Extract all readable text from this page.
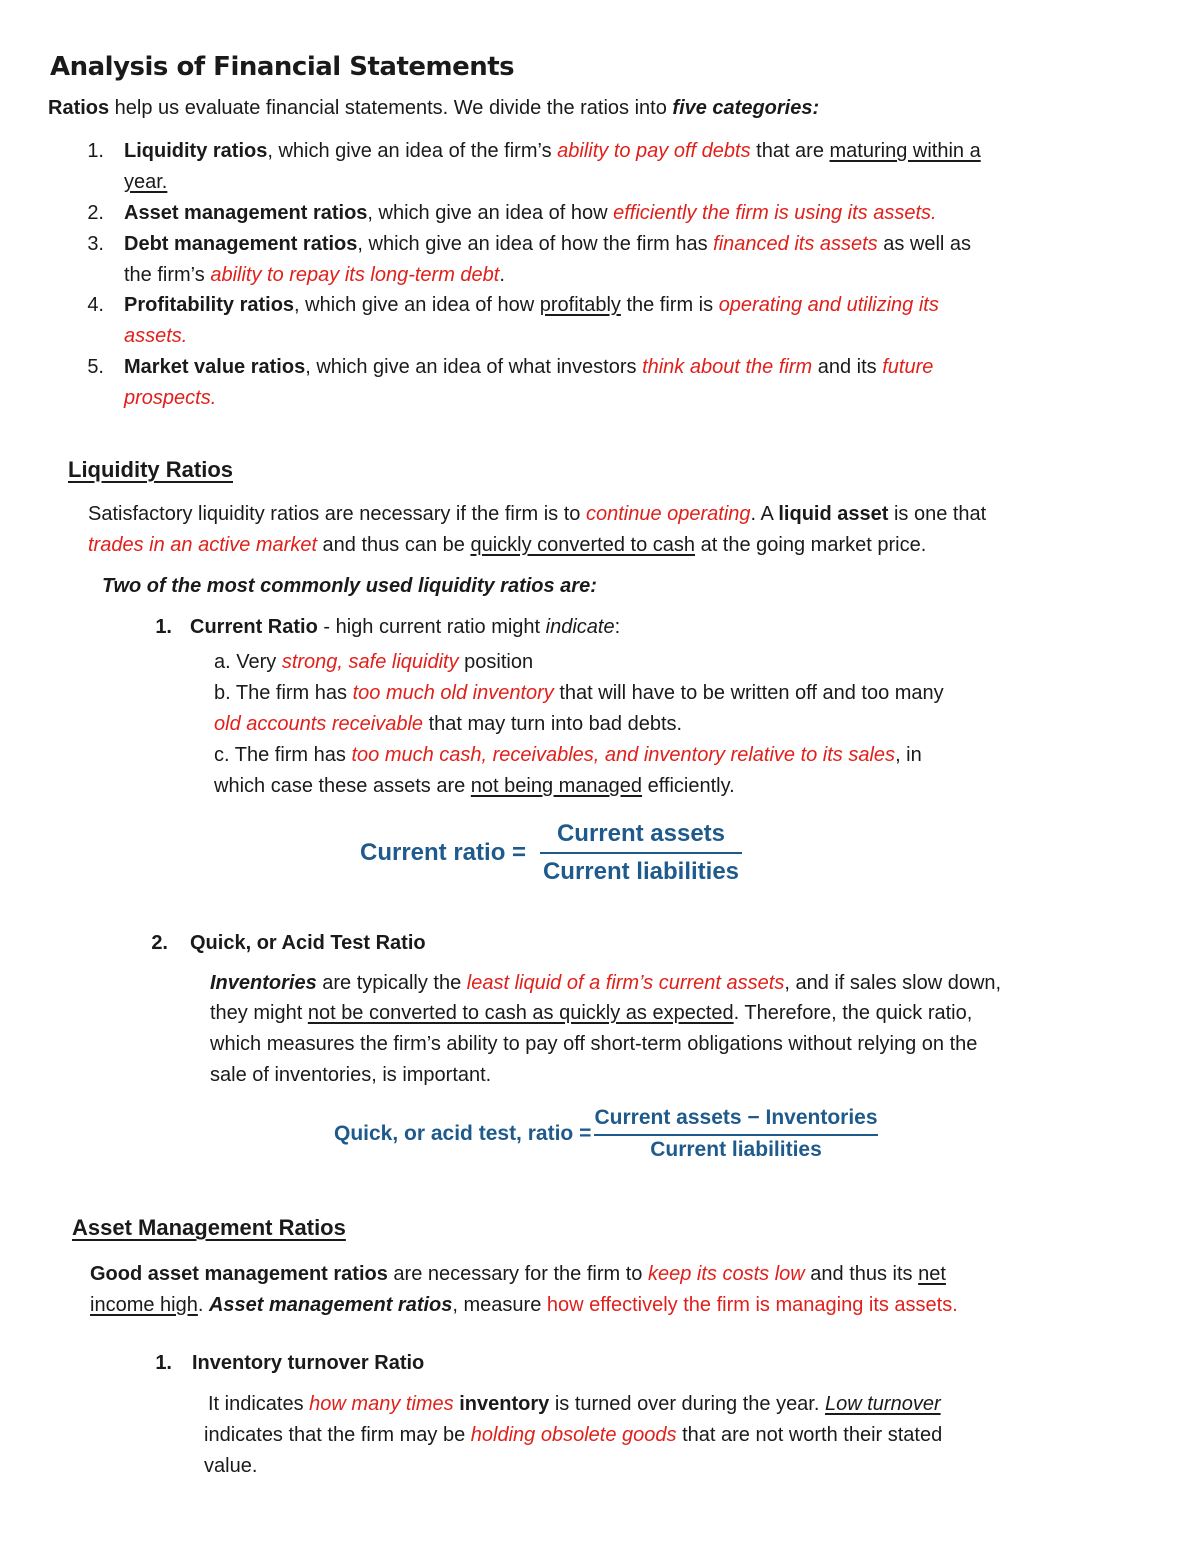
Analysis of Financial Statements
Ratios help us evaluate financial statements. We divide the ratios into five categories:
1. Liquidity ratios, which give an idea of the firm’s ability to pay off debts that are maturing within a
year.
2. Asset management ratios, which give an idea of how efficiently the firm is using its assets.
3. Debt management ratios, which give an idea of how the firm has financed its assets as well as
the firm’s ability to repay its long-term debt.
4. Profitability ratios, which give an idea of how profitably the firm is operating and utilizing its
assets.
5. Market value ratios, which give an idea of what investors think about the firm and its future
prospects.
Liquidity Ratios
Satisfactory liquidity ratios are necessary if the firm is to continue operating. A liquid asset is one that
trades in an active market and thus can be quickly converted to cash at the going market price.
Two of the most commonly used liquidity ratios are:
1. Current Ratio - high current ratio might indicate:
a. Very strong, safe liquidity position
b. The firm has too much old inventory that will have to be written off and too many
old accounts receivable that may turn into bad debts.
c. The firm has too much cash, receivables, and inventory relative to its sales, in
which case these assets are not being managed efficiently.
Current ratio =
Current assets
Current liabilities
2. Quick, or Acid Test Ratio
Inventories are typically the least liquid of a firm’s current assets, and if sales slow down,
they might not be converted to cash as quickly as expected. Therefore, the quick ratio,
which measures the firm’s ability to pay off short-term obligations without relying on the
sale of inventories, is important.
Quick, or acid test, ratio =
Current assets − Inventories
Current liabilities
Asset Management Ratios
Good asset management ratios are necessary for the firm to keep its costs low and thus its net
income high. Asset management ratios, measure how effectively the firm is managing its assets.
1. Inventory turnover Ratio
It indicates how many times inventory is turned over during the year. Low turnover
indicates that the firm may be holding obsolete goods that are not worth their stated
value.
